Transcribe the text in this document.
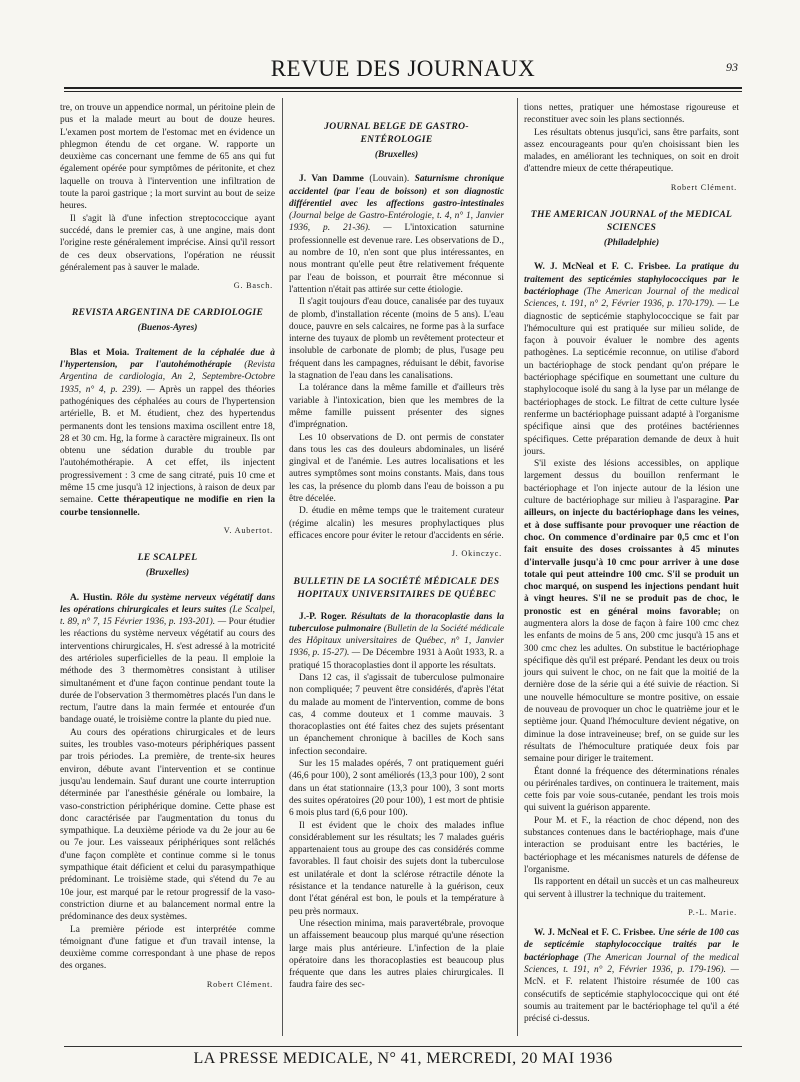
REVUE DES JOURNAUX	93

tre, on trouve un appendice normal, un péritoine plein de pus et la malade meurt au bout de douze heures. L'examen post mortem de l'estomac met en évidence un phlegmon étendu de cet organe. W. rapporte un deuxième cas concernant une femme de 65 ans qui fut également opérée pour symptômes de péritonite, et chez laquelle on trouva à l'intervention une infiltration de toute la paroi gastrique ; la mort survint au bout de seize heures.

Il s'agit là d'une infection streptococcique ayant succédé, dans le premier cas, à une angine, mais dont l'origine reste généralement imprécise. Ainsi qu'il ressort de ces deux observations, l'opération ne réussit généralement pas à sauver le malade.

G. Basch.
REVISTA ARGENTINA DE CARDIOLOGIE
(Buenos-Ayres)

Blas et Moia. Traitement de la céphalée due à l'hypertension, par l'autohémothérapie (Revista Argentina de cardiologia, An 2, Septembre-Octobre 1935, n° 4, p. 239). — Après un rappel des théories pathogéniques des céphalées au cours de l'hypertension artérielle, B. et M. étudient, chez des hypertendus permanents dont les tensions maxima oscillent entre 18, 28 et 30 cm. Hg, la forme à caractère migraineux. Ils ont obtenu une sédation durable du trouble par l'autohémothérapie. A cet effet, ils injectent progressivement : 3 cme de sang citraté, puis 10 cme et même 15 cme jusqu'à 12 injections, à raison de deux par semaine. Cette thérapeutique ne modifie en rien la courbe tensionnelle.

V. Aubertot.
LE SCALPEL
(Bruxelles)

A. Hustin. Rôle du système nerveux végétatif dans les opérations chirurgicales et leurs suites (Le Scalpel, t. 89, n° 7, 15 Février 1936, p. 193-201). — Pour étudier les réactions du système nerveux végétatif au cours des interventions chirurgicales, H. s'est adressé à la motricité des artérioles superficielles de la peau. Il emploie la méthode des 3 thermomètres consistant à utiliser simultanément et d'une façon continue pendant toute la durée de l'observation 3 thermomètres placés l'un dans le rectum, l'autre dans la main fermée et entourée d'un bandage ouaté, le troisième contre la plante du pied nue.

Au cours des opérations chirurgicales et de leurs suites, les troubles vaso-moteurs périphériques passent par trois périodes. La première, de trente-six heures environ, débute avant l'intervention et se continue jusqu'au lendemain. Sauf durant une courte interruption déterminée par l'anesthésie générale ou lombaire, la vaso-constriction périphérique domine. Cette phase est donc caractérisée par l'augmentation du tonus du sympathique. La deuxième période va du 2e jour au 6e ou 7e jour. Les vaisseaux périphériques sont relâchés d'une façon complète et continue comme si le tonus sympathique était déficient et celui du parasympathique prédominant. Le troisième stade, qui s'étend du 7e au 10e jour, est marqué par le retour progressif de la vaso-constriction diurne et au balancement normal entre la prédominance des deux systèmes.

La première période est interprétée comme témoignant d'une fatigue et d'un travail intense, la deuxième comme correspondant à une phase de repos des organes.

Robert Clément.
JOURNAL BELGE DE GASTRO-ENTÉROLOGIE
(Bruxelles)

J. Van Damme (Louvain). Saturnisme chronique accidentel (par l'eau de boisson) et son diagnostic différentiel avec les affections gastro-intestinales (Journal belge de Gastro-Entérologie, t. 4, n° 1, Janvier 1936, p. 21-36). — L'intoxication saturnine professionnelle est devenue rare. Les observations de D., au nombre de 10, n'en sont que plus intéressantes, en nous montrant qu'elle peut être relativement fréquente par l'eau de boisson, et pourrait être méconnue si l'attention n'était pas attirée sur cette étiologie.

Il s'agit toujours d'eau douce, canalisée par des tuyaux de plomb, d'installation récente (moins de 5 ans). L'eau douce, pauvre en sels calcaires, ne forme pas à la surface interne des tuyaux de plomb un revêtement protecteur et insoluble de carbonate de plomb; de plus, l'usage peu fréquent dans les campagnes, réduisant le débit, favorise la stagnation de l'eau dans les canalisations.

La tolérance dans la même famille et d'ailleurs très variable à l'intoxication, bien que les membres de la même famille puissent présenter des signes d'imprégnation.

Les 10 observations de D. ont permis de constater dans tous les cas des douleurs abdominales, un liséré gingival et de l'anémie. Les autres localisations et les autres symptômes sont moins constants. Mais, dans tous les cas, la présence du plomb dans l'eau de boisson a pu être décelée.

D. étudie en même temps que le traitement curateur (régime alcalin) les mesures prophylactiques plus efficaces encore pour éviter le retour d'accidents en série.

J. Okinczyc.
BULLETIN DE LA SOCIÉTÉ MÉDICALE DES HOPITAUX UNIVERSITAIRES DE QUÉBEC

J.-P. Roger. Résultats de la thoracoplastie dans la tuberculose pulmonaire (Bulletin de la Société médicale des Hôpitaux universitaires de Québec, n° 1, Janvier 1936, p. 15-27). — De Décembre 1931 à Août 1933, R. a pratiqué 15 thoracoplasties dont il apporte les résultats.

Dans 12 cas, il s'agissait de tuberculose pulmonaire non compliquée; 7 peuvent être considérés, d'après l'état du malade au moment de l'intervention, comme de bons cas, 4 comme douteux et 1 comme mauvais. 3 thoracoplasties ont été faites chez des sujets présentant un épanchement chronique à bacilles de Koch sans infection secondaire.

Sur les 15 malades opérés, 7 ont pratiquement guéri (46,6 pour 100), 2 sont améliorés (13,3 pour 100), 2 sont dans un état stationnaire (13,3 pour 100), 3 sont morts des suites opératoires (20 pour 100), 1 est mort de phtisie 6 mois plus tard (6,6 pour 100).

Il est évident que le choix des malades influe considérablement sur les résultats; les 7 malades guéris appartenaient tous au groupe des cas considérés comme favorables. Il faut choisir des sujets dont la tuberculose est unilatérale et dont la sclérose rétractile dénote la résistance et la tendance naturelle à la guérison, ceux dont l'état général est bon, le pouls et la température à peu près normaux.

Une résection minima, mais paravertébrale, provoque un affaissement beaucoup plus marqué qu'une résection large mais plus antérieure. L'infection de la plaie opératoire dans les thoracoplasties est beaucoup plus fréquente que dans les autres plaies chirurgicales. Il faudra faire des sec-

tions nettes, pratiquer une hémostase rigoureuse et reconstituer avec soin les plans sectionnés.

Les résultats obtenus jusqu'ici, sans être parfaits, sont assez encourageants pour qu'en choisissant bien les malades, en améliorant les techniques, on soit en droit d'attendre mieux de cette thérapeutique.

Robert Clément.
THE AMERICAN JOURNAL of the MEDICAL SCIENCES
(Philadelphie)

W. J. McNeal et F. C. Frisbee. La pratique du traitement des septicémies staphylococciques par le bactériophage (The American Journal of the medical Sciences, t. 191, n° 2, Février 1936, p. 170-179). — Le diagnostic de septicémie staphylococcique se fait par l'hémoculture qui est pratiquée sur milieu solide, de façon à pouvoir évaluer le nombre des agents pathogènes. La septicémie reconnue, on utilise d'abord un bactériophage de stock pendant qu'on prépare le bactériophage spécifique en soumettant une culture du staphylocoque isolé du sang à la lyse par un mélange de bactériophages de stock. Le filtrat de cette culture lysée renferme un bactériophage puissant adapté à l'organisme spécifique ainsi que des protéines bactériennes spécifiques. Cette préparation demande de deux à huit jours.

S'il existe des lésions accessibles, on applique largement dessus du bouillon renfermant le bactériophage et l'on injecte autour de la lésion une culture de bactériophage sur milieu à l'asparagine. Par ailleurs, on injecte du bactériophage dans les veines, et à dose suffisante pour provoquer une réaction de choc. On commence d'ordinaire par 0,5 cmc et l'on fait ensuite des doses croissantes à 45 minutes d'intervalle jusqu'à 10 cmc pour arriver à une dose totale qui peut atteindre 100 cmc. S'il se produit un choc marqué, on suspend les injections pendant huit à vingt heures. S'il ne se produit pas de choc, le pronostic est en général moins favorable; on augmentera alors la dose de façon à faire 100 cmc chez les enfants de moins de 5 ans, 200 cmc jusqu'à 15 ans et 300 cmc chez les adultes. On substitue le bactériophage spécifique dès qu'il est préparé. Pendant les deux ou trois jours qui suivent le choc, on ne fait que la moitié de la dernière dose de la série qui a été suivie de réaction. Si une nouvelle hémoculture se montre positive, on essaie de nouveau de provoquer un choc le quatrième jour et le septième jour. Quand l'hémoculture devient négative, on diminue la dose intraveineuse; bref, on se guide sur les résultats de l'hémoculture pratiquée deux fois par semaine pour diriger le traitement.

Étant donné la fréquence des déterminations rénales ou périrénales tardives, on continuera le traitement, mais cette fois par voie sous-cutanée, pendant les trois mois qui suivent la guérison apparente.

Pour M. et F., la réaction de choc dépend, non des substances contenues dans le bactériophage, mais d'une interaction se produisant entre les bactéries, le bactériophage et les mécanismes naturels de défense de l'organisme.

Ils rapportent en détail un succès et un cas malheureux qui servent à illustrer la technique du traitement.

P.-L. Marie.

W. J. McNeal et F. C. Frisbee. Une série de 100 cas de septicémie staphylococcique traités par le bactériophage (The American Journal of the medical Sciences, t. 191, n° 2, Février 1936, p. 179-196). — McN. et F. relatent l'histoire résumée de 100 cas consécutifs de septicémie staphylococcique qui ont été soumis au traitement par le bactériophage tel qu'il a été précisé ci-dessus.

LA PRESSE MEDICALE, N° 41, MERCREDI, 20 MAI 1936
